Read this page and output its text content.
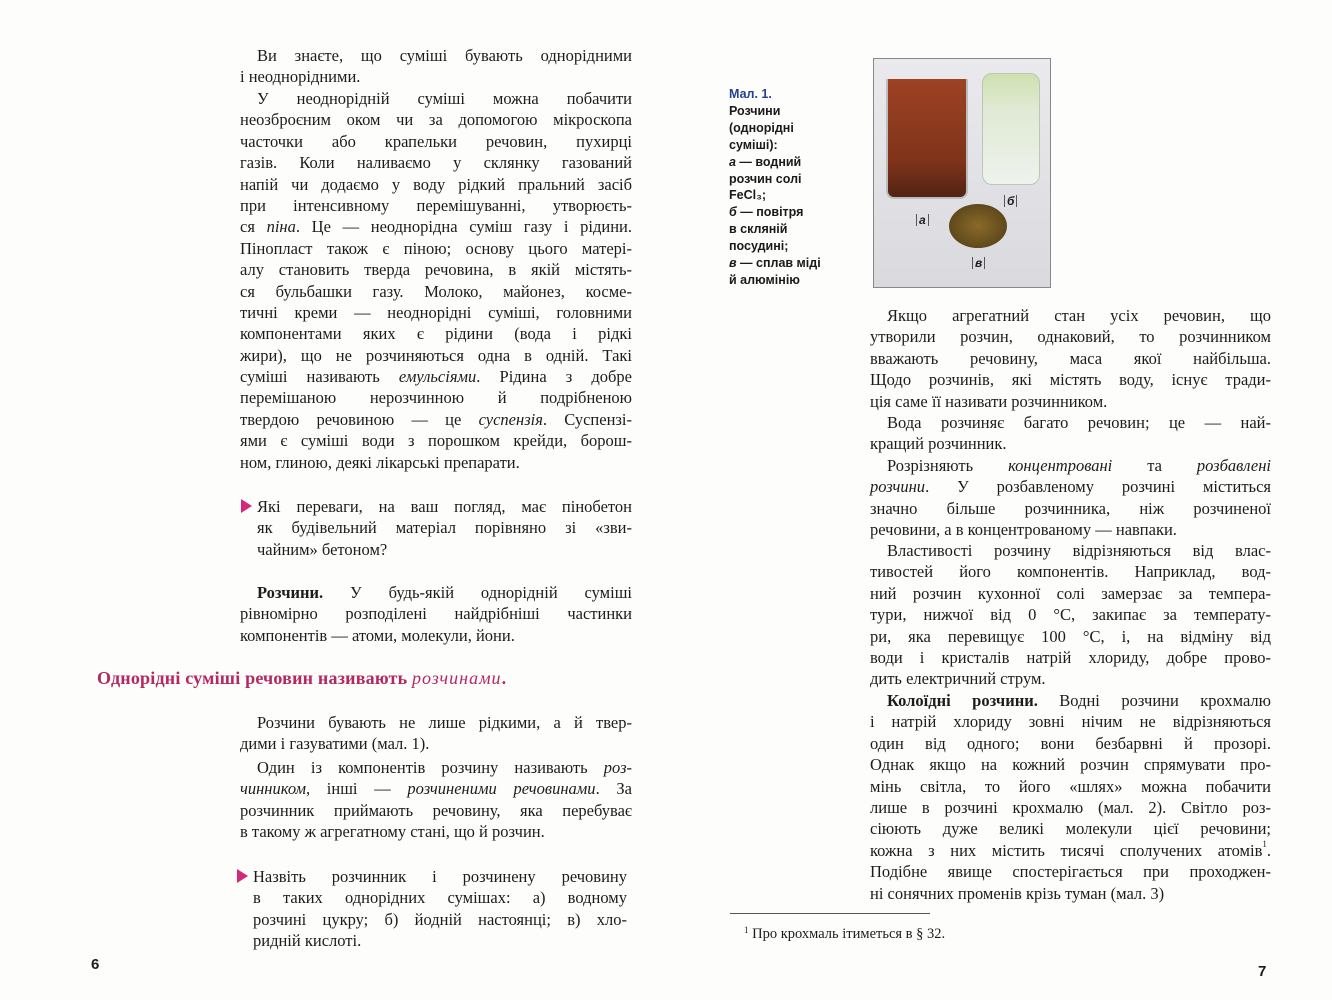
Ви знаєте, що суміші бувають однорідними
і неоднорідними.
У неоднорідній суміші можна побачити
неозброєним оком чи за допомогою мікроскопа
часточки або крапельки речовин, пухирці
газів. Коли наливаємо у склянку газований
напій чи додаємо у воду рідкий пральний засіб
при інтенсивному перемішуванні, утворюєть-
ся піна. Це — неоднорідна суміш газу і рідини.
Пінопласт також є піною; основу цього матері-
алу становить тверда речовина, в якій містять-
ся бульбашки газу. Молоко, майонез, косме-
тичні креми — неоднорідні суміші, головними
компонентами яких є рідини (вода і рідкі
жири), що не розчиняються одна в одній. Такі
суміші називають емульсіями. Рідина з добре
перемішаною нерозчинною й подрібненою
твердою речовиною — це суспензія. Суспензі-
ями є суміші води з порошком крейди, борош-
ном, глиною, деякі лікарські препарати.
Які переваги, на ваш погляд, має пінобетон
як будівельний матеріал порівняно зі «зви-
чайним» бетоном?
Розчини. У будь-якій однорідній суміші
рівномірно розподілені найдрібніші частинки
компонентів — атоми, молекули, йони.
Однорідні суміші речовин називають розчинами.
Розчини бувають не лише рідкими, а й твер-
дими і газуватими (мал. 1).
Один із компонентів розчину називають роз-
чинником, інші — розчиненими речовинами. За
розчинник приймають речовину, яка перебуває
в такому ж агрегатному стані, що й розчин.
Назвіть розчинник і розчинену речовину
в таких однорідних сумішах: а) водному
розчині цукру; б) йодній настоянці; в) хло-
ридній кислоті.
6
Мал. 1.
Розчини
(однорідні
суміші):
а — водний
розчин солі
FeCl₃;
б — повітря
в скляній
посудині;
в — сплав міді
й алюмінію
а
б
в
Якщо агрегатний стан усіх речовин, що
утворили розчин, однаковий, то розчинником
вважають речовину, маса якої найбільша.
Щодо розчинів, які містять воду, існує тради-
ція саме її називати розчинником.
Вода розчиняє багато речовин; це — най-
кращий розчинник.
Розрізняють концентровані та розбавлені
розчини. У розбавленому розчині міститься
значно більше розчинника, ніж розчиненої
речовини, а в концентрованому — навпаки.
Властивості розчину відрізняються від влас-
тивостей його компонентів. Наприклад, вод-
ний розчин кухонної солі замерзає за темпера-
тури, нижчої від 0 °С, закипає за температу-
ри, яка перевищує 100 °С, і, на відміну від
води і кристалів натрій хлориду, добре прово-
дить електричний струм.
Колоїдні розчини. Водні розчини крохмалю
і натрій хлориду зовні нічим не відрізняються
один від одного; вони безбарвні й прозорі.
Однак якщо на кожний розчин спрямувати про-
мінь світла, то його «шлях» можна побачити
лише в розчині крохмалю (мал. 2). Світло роз-
сіюють дуже великі молекули цієї речовини;
кожна з них містить тисячі сполучених атомів$^1$.
Подібне явище спостерігається при проходжен-
ні сонячних променів крізь туман (мал. 3)
$^1$ Про крохмаль ітиметься в § 32.
7
